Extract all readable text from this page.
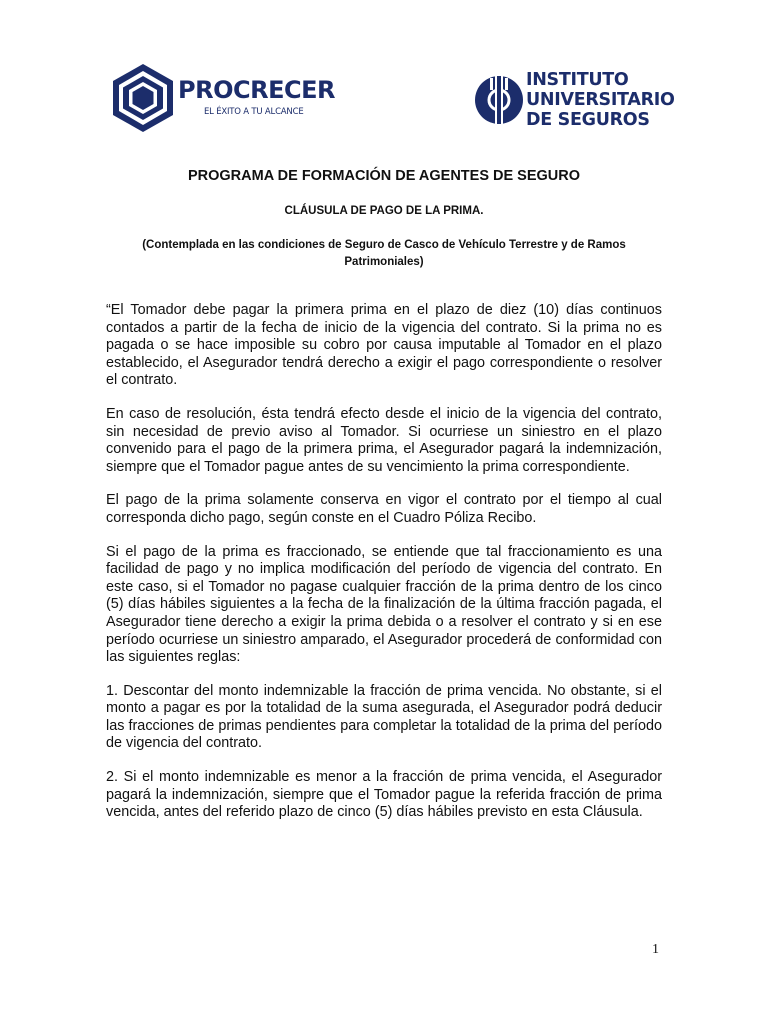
PROCRECER
EL ÉXITO A TU ALCANCE
INSTITUTO
UNIVERSITARIO
DE SEGUROS
PROGRAMA DE FORMACIÓN DE AGENTES DE SEGURO
CLÁUSULA DE PAGO DE LA PRIMA.
(Contemplada en las condiciones de Seguro de Casco de Vehículo Terrestre y de Ramos Patrimoniales)

“El Tomador debe pagar la primera prima en el plazo de diez (10) días continuos contados a partir de la fecha de inicio de la vigencia del contrato. Si la prima no es pagada o se hace imposible su cobro por causa imputable al Tomador en el plazo establecido, el Asegurador tendrá derecho a exigir el pago correspondiente o resolver el contrato.

En caso de resolución, ésta tendrá efecto desde el inicio de la vigencia del contrato, sin necesidad de previo aviso al Tomador. Si ocurriese un siniestro en el plazo convenido para el pago de la primera prima, el Asegurador pagará la indemnización, siempre que el Tomador pague antes de su vencimiento la prima correspondiente.

El pago de la prima solamente conserva en vigor el contrato por el tiempo al cual corresponda dicho pago, según conste en el Cuadro Póliza Recibo.

Si el pago de la prima es fraccionado, se entiende que tal fraccionamiento es una facilidad de pago y no implica modificación del período de vigencia del contrato. En este caso, si el Tomador no pagase cualquier fracción de la prima dentro de los cinco (5) días hábiles siguientes a la fecha de la finalización de la última fracción pagada, el Asegurador tiene derecho a exigir la prima debida o a resolver el contrato y si en ese período ocurriese un siniestro amparado, el Asegurador procederá de conformidad con las siguientes reglas:

1. Descontar del monto indemnizable la fracción de prima vencida. No obstante, si el monto a pagar es por la totalidad de la suma asegurada, el Asegurador podrá deducir las fracciones de primas pendientes para completar la totalidad de la prima del período de vigencia del contrato.

2. Si el monto indemnizable es menor a la fracción de prima vencida, el Asegurador pagará la indemnización, siempre que el Tomador pague la referida fracción de prima vencida, antes del referido plazo de cinco (5) días hábiles previsto en esta Cláusula.

1
